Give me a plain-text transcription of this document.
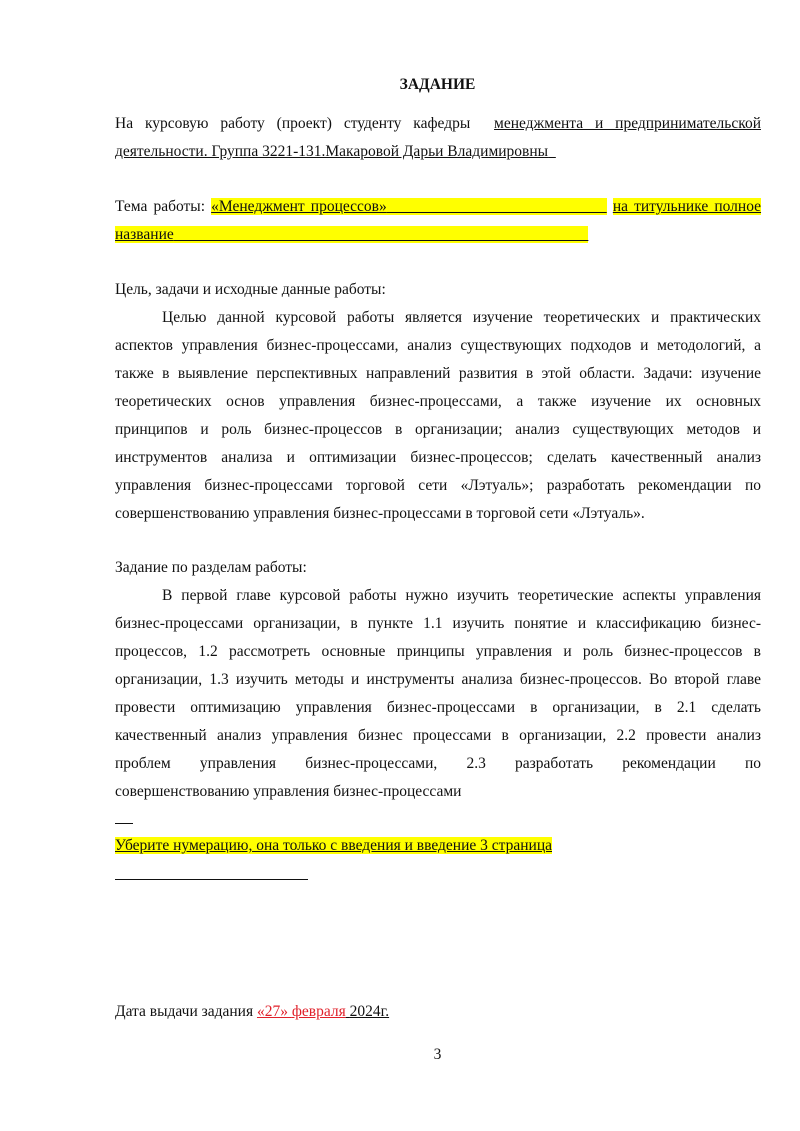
ЗАДАНИЕ
На курсовую работу (проект) студенту кафедры менеджмента и предпринимательской
деятельности. Группа 3221-131.Макаровой Дарьи Владимировны
Тема работы: «Менеджмент процессов»	на титульнике полное
название
Цель, задачи и исходные данные работы:
Целью данной курсовой работы является изучение теоретических и практических
аспектов управления бизнес-процессами, анализ существующих подходов и методологий, а
также в выявление перспективных направлений развития в этой области. Задачи: изучение
теоретических основ управления бизнес-процессами, а также изучение их основных
принципов и роль бизнес-процессов в организации; анализ существующих методов и
инструментов анализа и оптимизации бизнес-процессов; сделать качественный анализ
управления бизнес-процессами торговой сети «Лэтуаль»; разработать рекомендации по
совершенствованию управления бизнес-процессами в торговой сети «Лэтуаль».
Задание по разделам работы:
В первой главе курсовой работы нужно изучить теоретические аспекты управления
бизнес-процессами организации, в пункте 1.1 изучить понятие и классификацию бизнес-
процессов, 1.2 рассмотреть основные принципы управления и роль бизнес-процессов в
организации, 1.3 изучить методы и инструменты анализа бизнес-процессов. Во второй главе
провести оптимизацию управления бизнес-процессами в организации, в 2.1 сделать
качественный анализ управления бизнес процессами в организации, 2.2 провести анализ
проблем управления бизнес-процессами, 2.3 разработать рекомендации по
совершенствованию управления бизнес-процессами
Уберите нумерацию, она только с введения и введение 3 страница
Дата выдачи задания «27» февраля 2024г.
3
